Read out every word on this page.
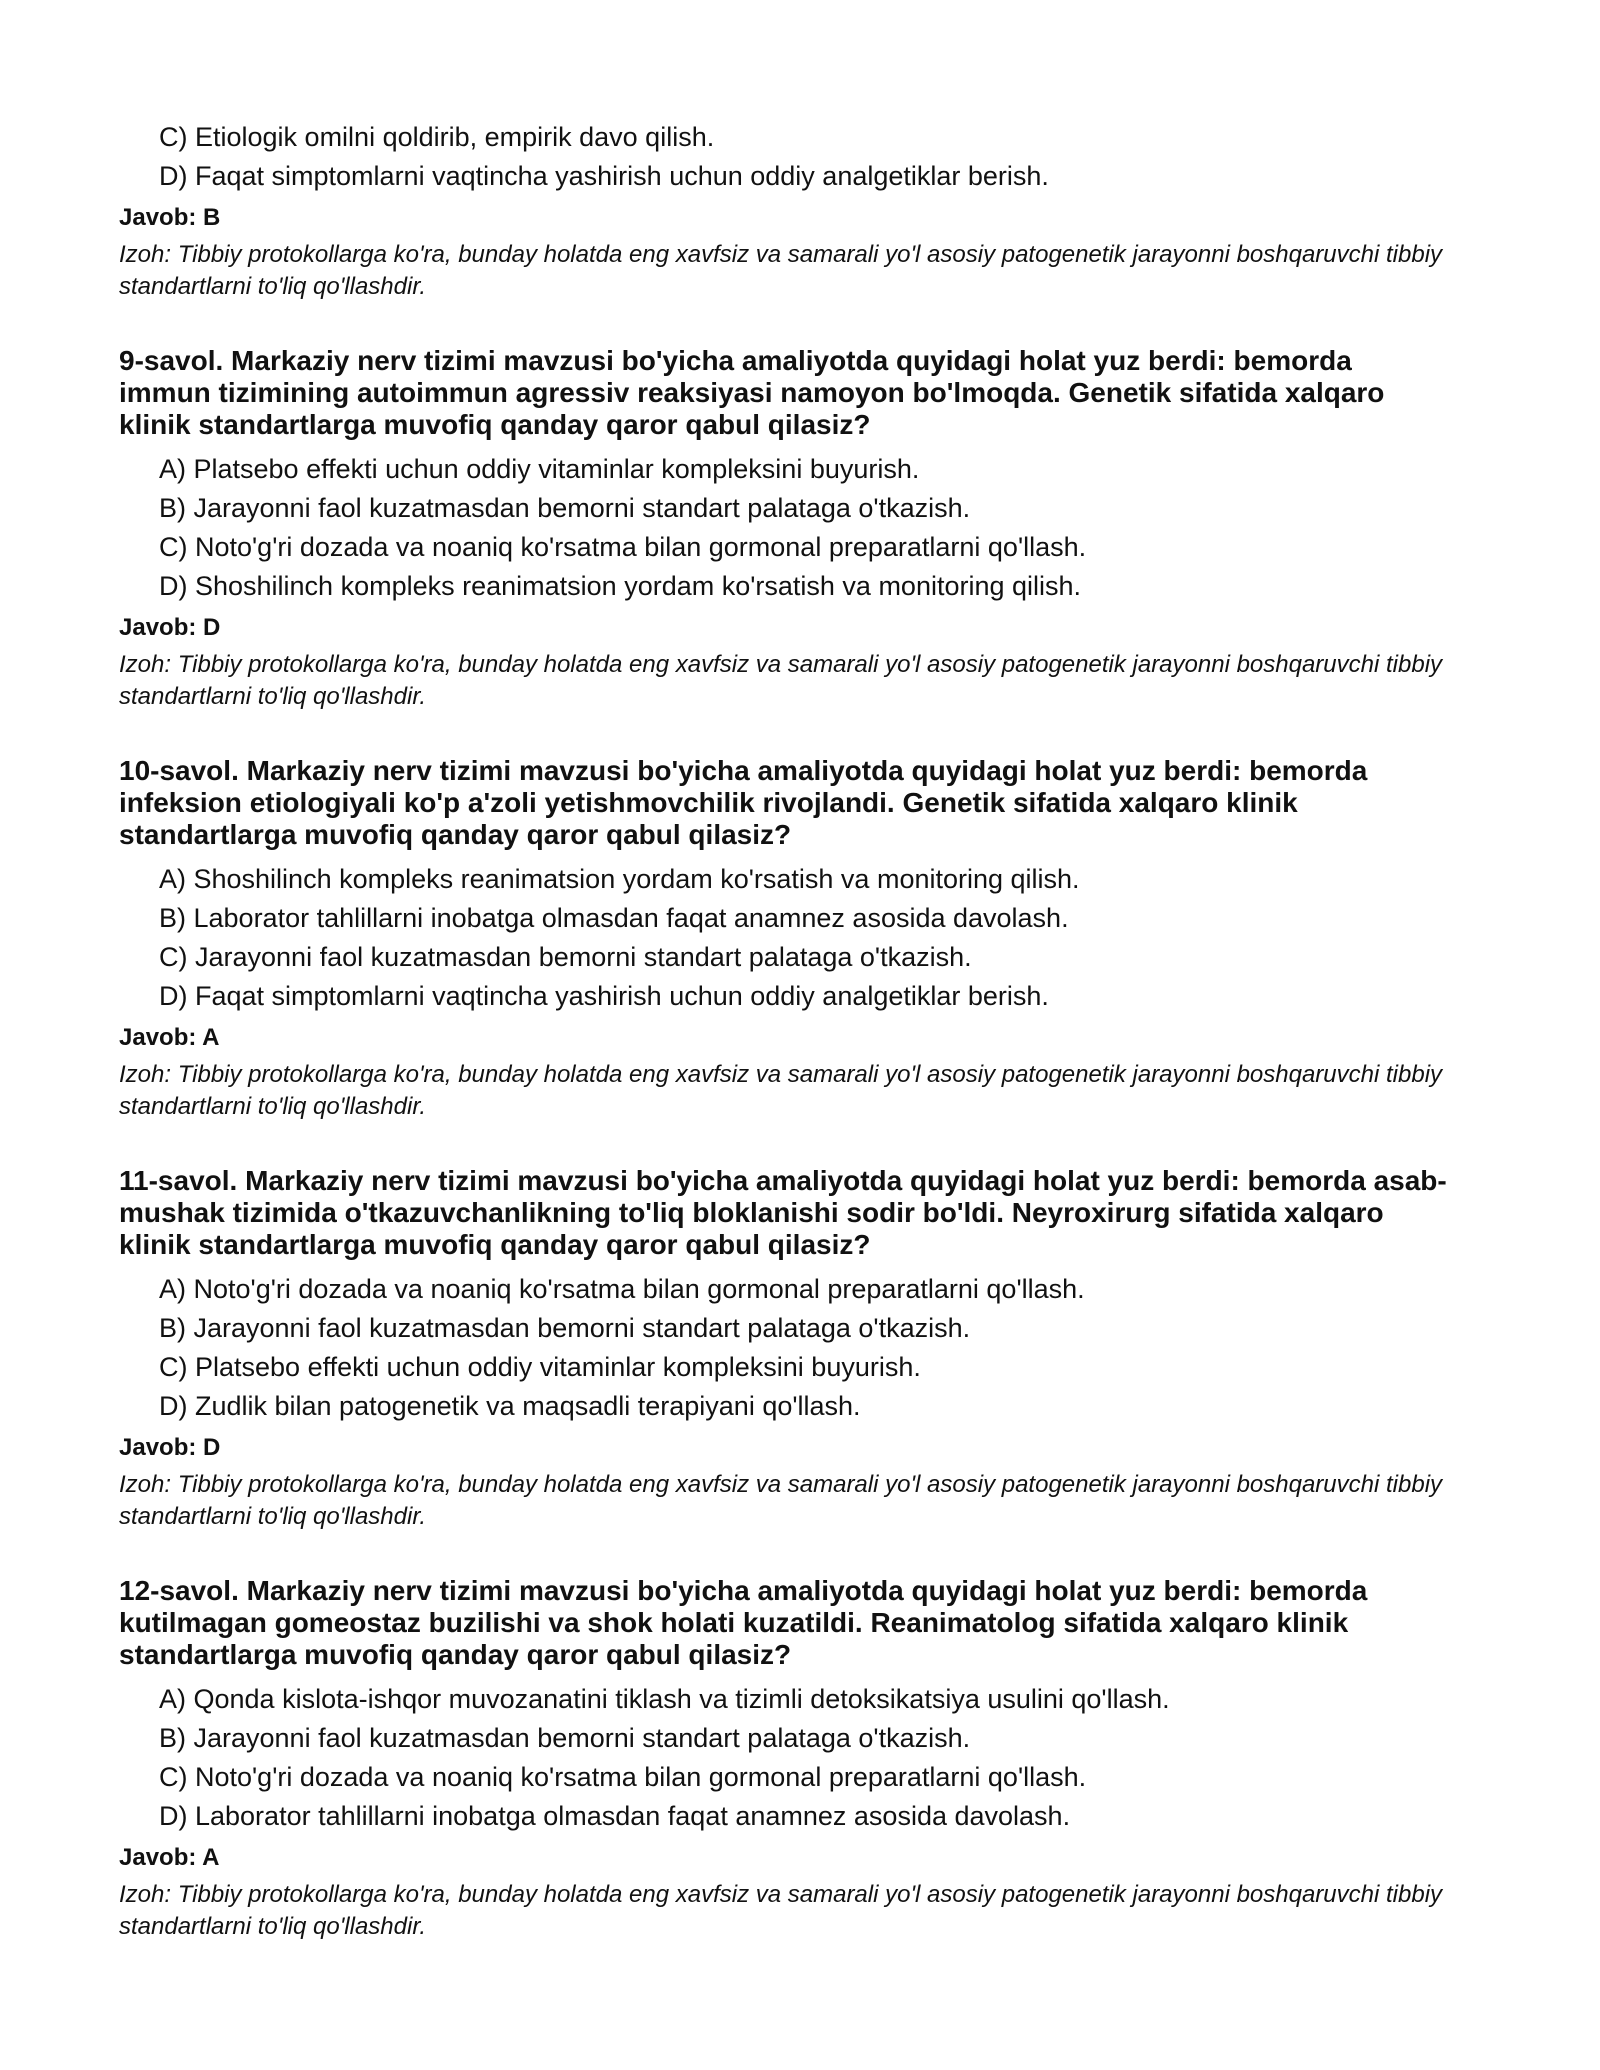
C) Etiologik omilni qoldirib, empirik davo qilish.
D) Faqat simptomlarni vaqtincha yashirish uchun oddiy analgetiklar berish.
Javob: B
Izoh: Tibbiy protokollarga ko'ra, bunday holatda eng xavfsiz va samarali yo'l asosiy patogenetik jarayonni boshqaruvchi tibbiy standartlarni to'liq qo'llashdir.
9-savol. Markaziy nerv tizimi mavzusi bo'yicha amaliyotda quyidagi holat yuz berdi: bemorda immun tizimining autoimmun agressiv reaksiyasi namoyon bo'lmoqda. Genetik sifatida xalqaro klinik standartlarga muvofiq qanday qaror qabul qilasiz?
A) Platsebo effekti uchun oddiy vitaminlar kompleksini buyurish.
B) Jarayonni faol kuzatmasdan bemorni standart palataga o'tkazish.
C) Noto'g'ri dozada va noaniq ko'rsatma bilan gormonal preparatlarni qo'llash.
D) Shoshilinch kompleks reanimatsion yordam ko'rsatish va monitoring qilish.
Javob: D
Izoh: Tibbiy protokollarga ko'ra, bunday holatda eng xavfsiz va samarali yo'l asosiy patogenetik jarayonni boshqaruvchi tibbiy standartlarni to'liq qo'llashdir.
10-savol. Markaziy nerv tizimi mavzusi bo'yicha amaliyotda quyidagi holat yuz berdi: bemorda infeksion etiologiyali ko'p a'zoli yetishmovchilik rivojlandi. Genetik sifatida xalqaro klinik standartlarga muvofiq qanday qaror qabul qilasiz?
A) Shoshilinch kompleks reanimatsion yordam ko'rsatish va monitoring qilish.
B) Laborator tahlillarni inobatga olmasdan faqat anamnez asosida davolash.
C) Jarayonni faol kuzatmasdan bemorni standart palataga o'tkazish.
D) Faqat simptomlarni vaqtincha yashirish uchun oddiy analgetiklar berish.
Javob: A
Izoh: Tibbiy protokollarga ko'ra, bunday holatda eng xavfsiz va samarali yo'l asosiy patogenetik jarayonni boshqaruvchi tibbiy standartlarni to'liq qo'llashdir.
11-savol. Markaziy nerv tizimi mavzusi bo'yicha amaliyotda quyidagi holat yuz berdi: bemorda asab-mushak tizimida o'tkazuvchanlikning to'liq bloklanishi sodir bo'ldi. Neyroxirurg sifatida xalqaro klinik standartlarga muvofiq qanday qaror qabul qilasiz?
A) Noto'g'ri dozada va noaniq ko'rsatma bilan gormonal preparatlarni qo'llash.
B) Jarayonni faol kuzatmasdan bemorni standart palataga o'tkazish.
C) Platsebo effekti uchun oddiy vitaminlar kompleksini buyurish.
D) Zudlik bilan patogenetik va maqsadli terapiyani qo'llash.
Javob: D
Izoh: Tibbiy protokollarga ko'ra, bunday holatda eng xavfsiz va samarali yo'l asosiy patogenetik jarayonni boshqaruvchi tibbiy standartlarni to'liq qo'llashdir.
12-savol. Markaziy nerv tizimi mavzusi bo'yicha amaliyotda quyidagi holat yuz berdi: bemorda kutilmagan gomeostaz buzilishi va shok holati kuzatildi. Reanimatolog sifatida xalqaro klinik standartlarga muvofiq qanday qaror qabul qilasiz?
A) Qonda kislota-ishqor muvozanatini tiklash va tizimli detoksikatsiya usulini qo'llash.
B) Jarayonni faol kuzatmasdan bemorni standart palataga o'tkazish.
C) Noto'g'ri dozada va noaniq ko'rsatma bilan gormonal preparatlarni qo'llash.
D) Laborator tahlillarni inobatga olmasdan faqat anamnez asosida davolash.
Javob: A
Izoh: Tibbiy protokollarga ko'ra, bunday holatda eng xavfsiz va samarali yo'l asosiy patogenetik jarayonni boshqaruvchi tibbiy standartlarni to'liq qo'llashdir.
